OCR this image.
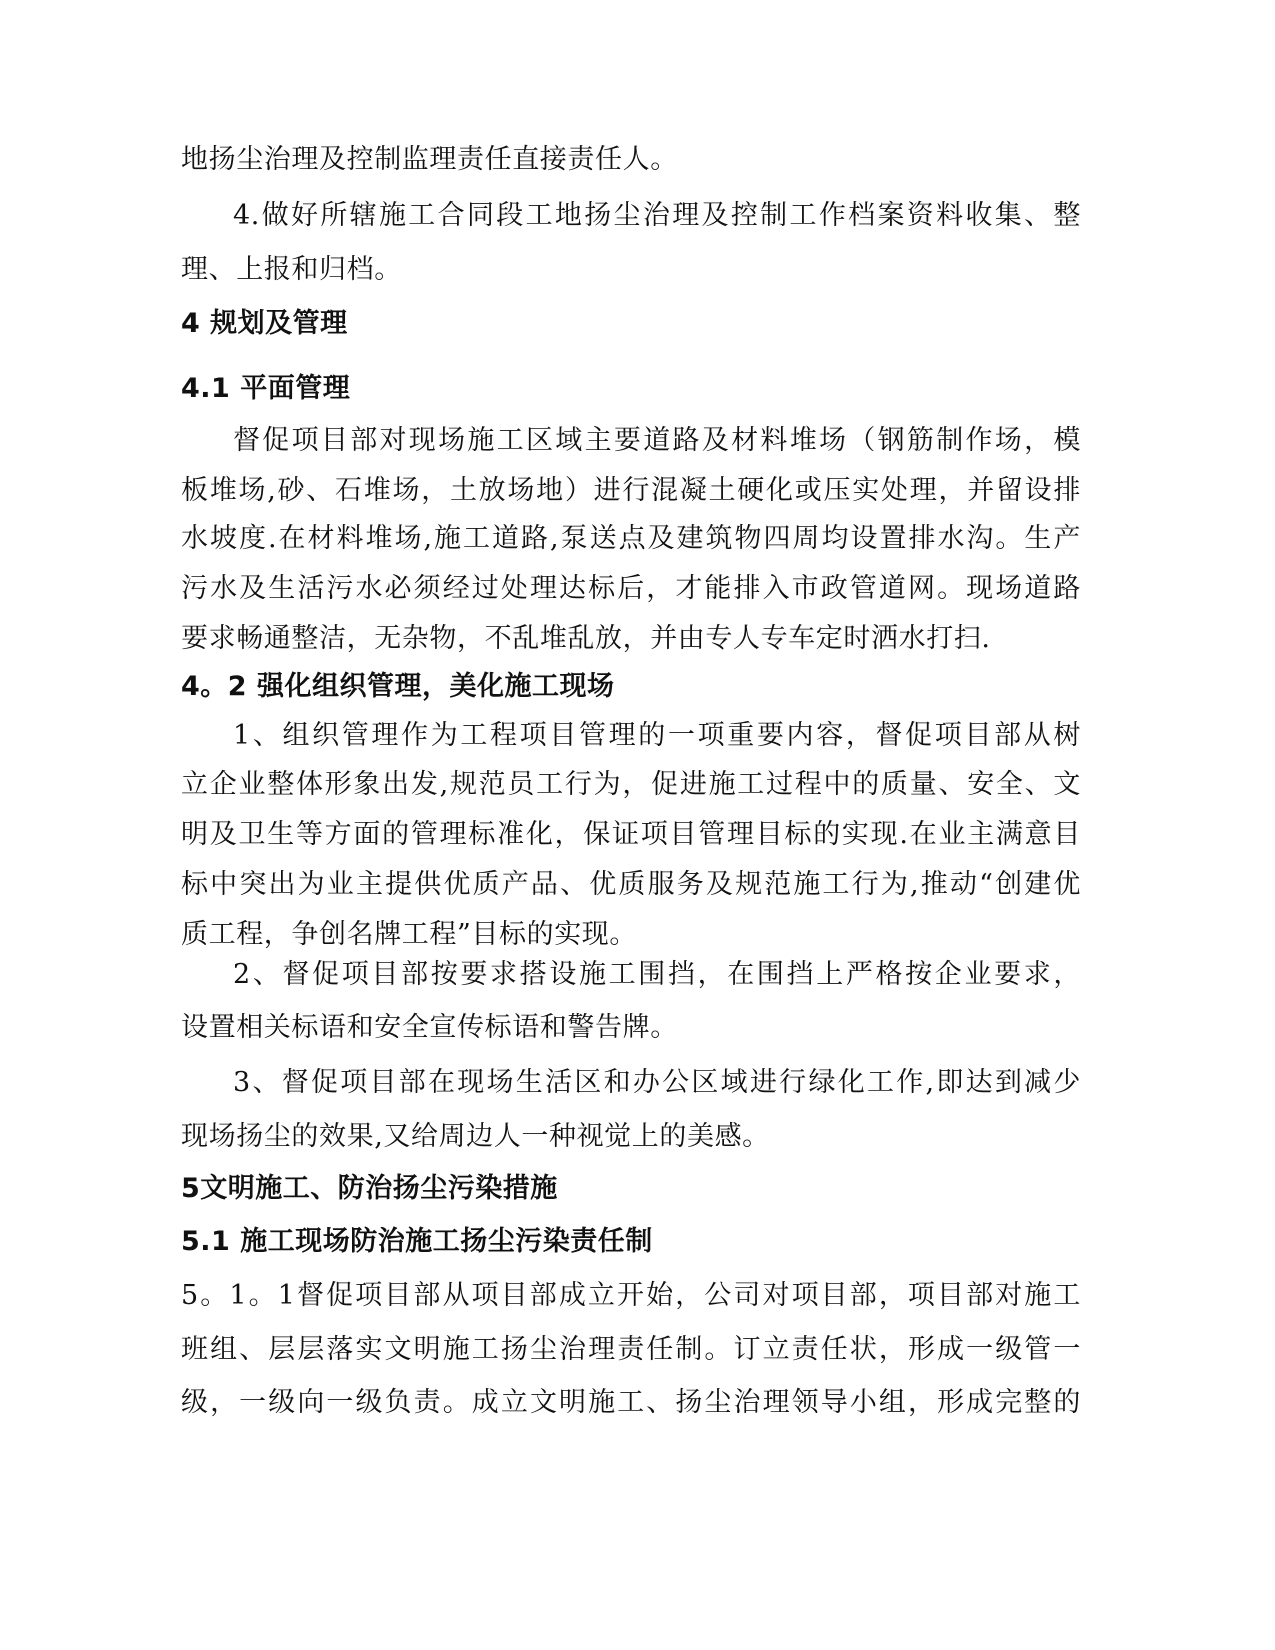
地扬尘治理及控制监理责任直接责任人。
4.做好所辖施工合同段工地扬尘治理及控制工作档案资料收集、整
理、上报和归档。
4 规划及管理
4.1 平面管理
督促项目部对现场施工区域主要道路及材料堆场（钢筋制作场，模
板堆场,砂、石堆场，土放场地）进行混凝土硬化或压实处理，并留设排
水坡度.在材料堆场,施工道路,泵送点及建筑物四周均设置排水沟。生产
污水及生活污水必须经过处理达标后，才能排入市政管道网。现场道路
要求畅通整洁，无杂物，不乱堆乱放，并由专人专车定时洒水打扫.
4。2 强化组织管理，美化施工现场
1、组织管理作为工程项目管理的一项重要内容，督促项目部从树
立企业整体形象出发,规范员工行为，促进施工过程中的质量、安全、文
明及卫生等方面的管理标准化，保证项目管理目标的实现.在业主满意目
标中突出为业主提供优质产品、优质服务及规范施工行为,推动“创建优
质工程，争创名牌工程”目标的实现。
2、督促项目部按要求搭设施工围挡，在围挡上严格按企业要求，
设置相关标语和安全宣传标语和警告牌。
3、督促项目部在现场生活区和办公区域进行绿化工作,即达到减少
现场扬尘的效果,又给周边人一种视觉上的美感。
5文明施工、防治扬尘污染措施
5.1 施工现场防治施工扬尘污染责任制
5。1。1督促项目部从项目部成立开始，公司对项目部，项目部对施工
班组、层层落实文明施工扬尘治理责任制。订立责任状，形成一级管一
级，一级向一级负责。成立文明施工、扬尘治理领导小组，形成完整的
